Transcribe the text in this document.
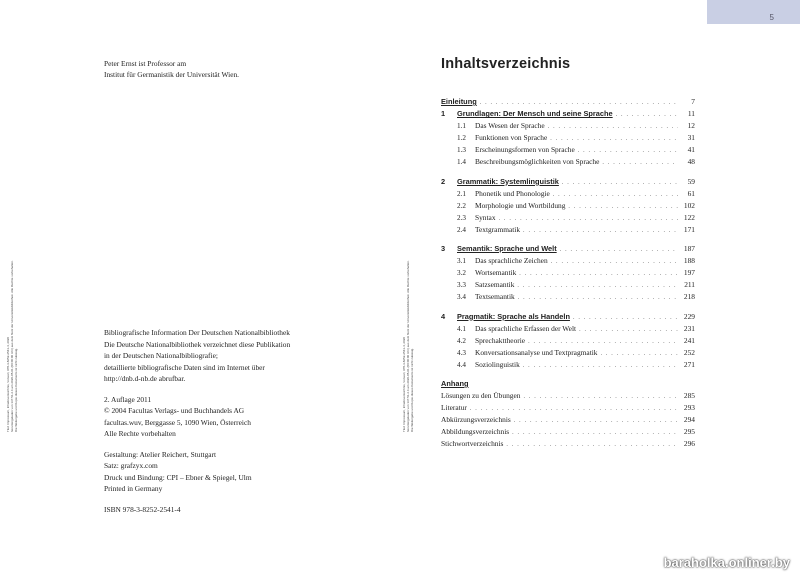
Titel: Impressum, Inhaltsverzeichnis, Vorwort, 978-3-8252-2541-4, 2020 heruntergeladen von 137.51.2.4 am 2020-05-01 (00:00:00 Uhr) aus dem Netz der Universitätsbibliothek. Alle Rechte vorbehalten. Die Weitergabe und Kopie dieses Dokuments ist nicht zulässig.
Peter Ernst ist Professor am
Institut für Germanistik der Universität Wien.
Bibliografische Information Der Deutschen Nationalbibliothek
Die Deutsche Nationalbibliothek verzeichnet diese Publikation
in der Deutschen Nationalbibliografie;
detaillierte bibliografische Daten sind im Internet über
http://dnb.d-nb.de abrufbar.
2. Auflage 2011
© 2004 Facultas Verlags- und Buchhandels AG
facultas.wuv, Berggasse 5, 1090 Wien, Österreich
Alle Rechte vorbehalten
Gestaltung: Atelier Reichert, Stuttgart
Satz: grafzyx.com
Druck und Bindung: CPI – Ebner & Spiegel, Ulm
Printed in Germany
ISBN 978-3-8252-2541-4
Titel: Impressum, Inhaltsverzeichnis, Vorwort, 978-3-8252-2541-4, 2020 heruntergeladen von 137.51.2.4 am 2020-05-01 (00:00:00 Uhr) aus dem Netz der Universitätsbibliothek. Alle Rechte vorbehalten. Die Weitergabe und Kopie dieses Dokuments ist nicht zulässig.
5
Inhaltsverzeichnis
Einleitung . . .	7
1	Grundlagen: Der Mensch und seine Sprache . . .	11
1.1	Das Wesen der Sprache . . .	12
1.2	Funktionen von Sprache . . .	31
1.3	Erscheinungsformen von Sprache . . .	41
1.4	Beschreibungsmöglichkeiten von Sprache . . .	48
2	Grammatik: Systemlinguistik . . .	59
2.1	Phonetik und Phonologie . . .	61
2.2	Morphologie und Wortbildung . . .	102
2.3	Syntax . . .	122
2.4	Textgrammatik . . .	171
3	Semantik: Sprache und Welt . . .	187
3.1	Das sprachliche Zeichen . . .	188
3.2	Wortsemantik . . .	197
3.3	Satzsemantik . . .	211
3.4	Textsemantik . . .	218
4	Pragmatik: Sprache als Handeln . . .	229
4.1	Das sprachliche Erfassen der Welt . . .	231
4.2	Sprechakttheorie . . .	241
4.3	Konversationsanalyse und Textpragmatik . . .	252
4.4	Soziolinguistik . . .	271
Anhang
Lösungen zu den Übungen . . .	285
Literatur . . .	293
Abkürzungsverzeichnis . . .	294
Abbildungsverzeichnis . . .	295
Stichwortverzeichnis . . .	296
baraholka.onliner.by
